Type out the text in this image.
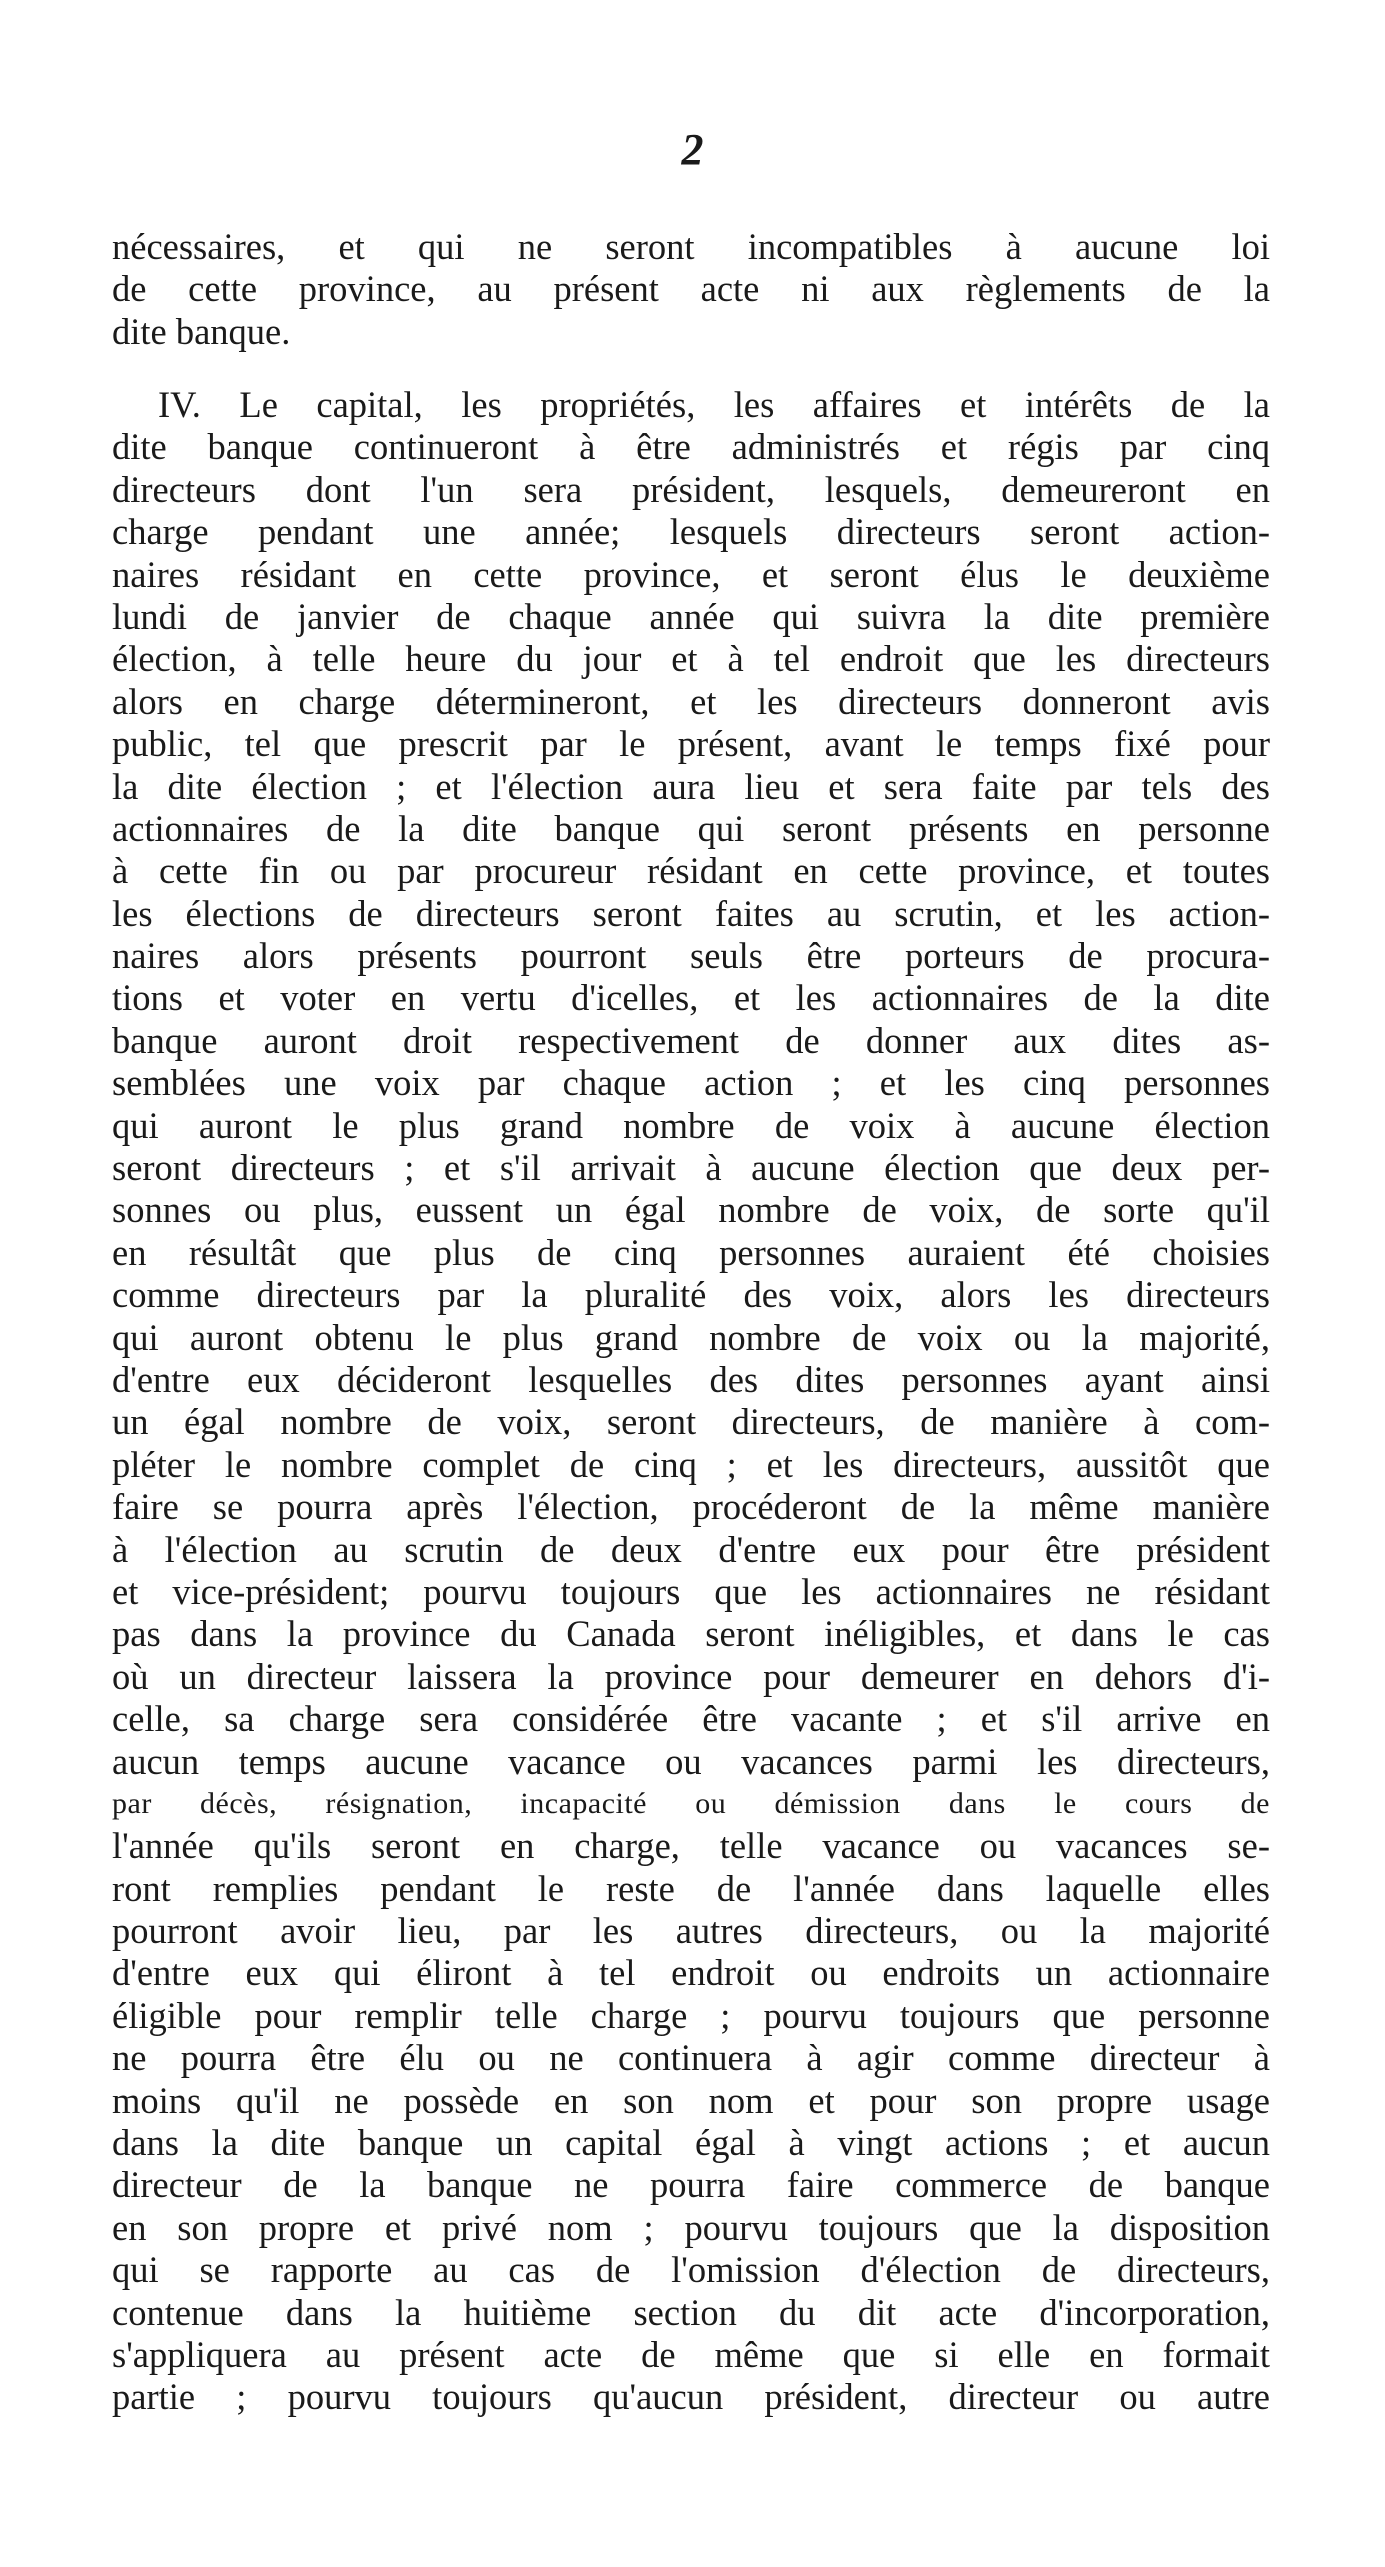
2
nécessaires, et qui ne seront incompatibles à aucune loi
de cette province, au présent acte ni aux règlements de la
dite banque.
IV. Le capital, les propriétés, les affaires et intérêts de la
dite banque continueront à être administrés et régis par cinq
directeurs dont l'un sera président, lesquels, demeureront en
charge pendant une année; lesquels directeurs seront action-
naires résidant en cette province, et seront élus le deuxième
lundi de janvier de chaque année qui suivra la dite première
élection, à telle heure du jour et à tel endroit que les directeurs
alors en charge détermineront, et les directeurs donneront avis
public, tel que prescrit par le présent, avant le temps fixé pour
la dite élection ; et l'élection aura lieu et sera faite par tels des
actionnaires de la dite banque qui seront présents en personne
à cette fin ou par procureur résidant en cette province, et toutes
les élections de directeurs seront faites au scrutin, et les action-
naires alors présents pourront seuls être porteurs de procura-
tions et voter en vertu d'icelles, et les actionnaires de la dite
banque auront droit respectivement de donner aux dites as-
semblées une voix par chaque action ; et les cinq personnes
qui auront le plus grand nombre de voix à aucune élection
seront directeurs ; et s'il arrivait à aucune élection que deux per-
sonnes ou plus, eussent un égal nombre de voix, de sorte qu'il
en résultât que plus de cinq personnes auraient été choisies
comme directeurs par la pluralité des voix, alors les directeurs
qui auront obtenu le plus grand nombre de voix ou la majorité,
d'entre eux décideront lesquelles des dites personnes ayant ainsi
un égal nombre de voix, seront directeurs, de manière à com-
pléter le nombre complet de cinq ; et les directeurs, aussitôt que
faire se pourra après l'élection, procéderont de la même manière
à l'élection au scrutin de deux d'entre eux pour être président
et vice-président; pourvu toujours que les actionnaires ne résidant
pas dans la province du Canada seront inéligibles, et dans le cas
où un directeur laissera la province pour demeurer en dehors d'i-
celle, sa charge sera considérée être vacante ; et s'il arrive en
aucun temps aucune vacance ou vacances parmi les directeurs,
par décès, résignation, incapacité ou démission dans le cours de
l'année qu'ils seront en charge, telle vacance ou vacances se-
ront remplies pendant le reste de l'année dans laquelle elles
pourront avoir lieu, par les autres directeurs, ou la majorité
d'entre eux qui éliront à tel endroit ou endroits un actionnaire
éligible pour remplir telle charge ; pourvu toujours que personne
ne pourra être élu ou ne continuera à agir comme directeur à
moins qu'il ne possède en son nom et pour son propre usage
dans la dite banque un capital égal à vingt actions ; et aucun
directeur de la banque ne pourra faire commerce de banque
en son propre et privé nom ; pourvu toujours que la disposition
qui se rapporte au cas de l'omission d'élection de directeurs,
contenue dans la huitième section du dit acte d'incorporation,
s'appliquera au présent acte de même que si elle en formait
partie ; pourvu toujours qu'aucun président, directeur ou autre
